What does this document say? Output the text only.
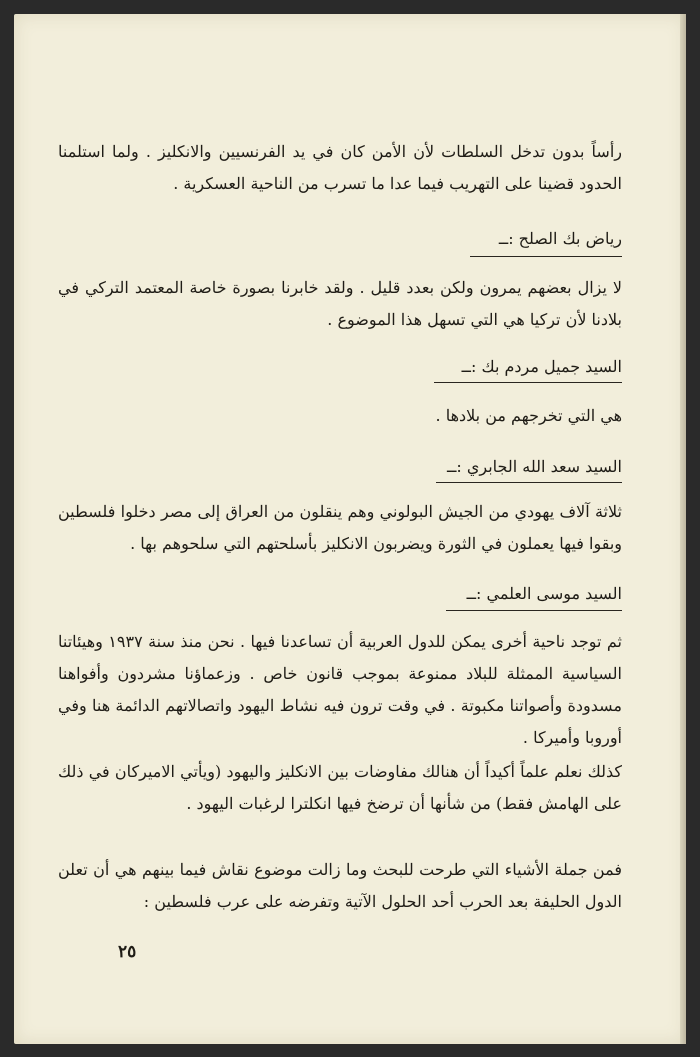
رأساً بدون تدخل السلطات لأن الأمن كان في يد الفرنسيين والانكليز . ولما استلمنا الحدود قضينا على التهريب فيما عدا ما تسرب من الناحية العسكرية .

رياض بك الصلح :ــ

لا يزال بعضهم يمرون ولكن بعدد قليل . ولقد خابرنا بصورة خاصة المعتمد التركي في بلادنا لأن تركيا هي التي تسهل هذا الموضوع .

السيد جميل مردم بك :ــ

هي التي تخرجهم من بلادها .

السيد سعد الله الجابري :ــ

ثلاثة آلاف يهودي من الجيش البولوني وهم ينقلون من العراق إلى مصر دخلوا فلسطين وبقوا فيها يعملون في الثورة ويضربون الانكليز بأسلحتهم التي سلحوهم بها .

السيد موسى العلمي :ــ

ثم توجد ناحية أخرى يمكن للدول العربية أن تساعدنا فيها . نحن منذ سنة ١٩٣٧ وهيئاتنا السياسية الممثلة للبلاد ممنوعة بموجب قانون خاص . وزعماؤنا مشردون وأفواهنا مسدودة وأصواتنا مكبوتة . في وقت ترون فيه نشاط اليهود واتصالاتهم الدائمة هنا وفي أوروبا وأميركا .

كذلك نعلم علماً أكيداً أن هنالك مفاوضات بين الانكليز واليهود (ويأتي الاميركان في ذلك على الهامش فقط) من شأنها أن ترضخ فيها انكلترا لرغبات اليهود .

فمن جملة الأشياء التي طرحت للبحث وما زالت موضوع نقاش فيما بينهم هي أن تعلن الدول الحليفة بعد الحرب أحد الحلول الآتية وتفرضه على عرب فلسطين :

٢٥
